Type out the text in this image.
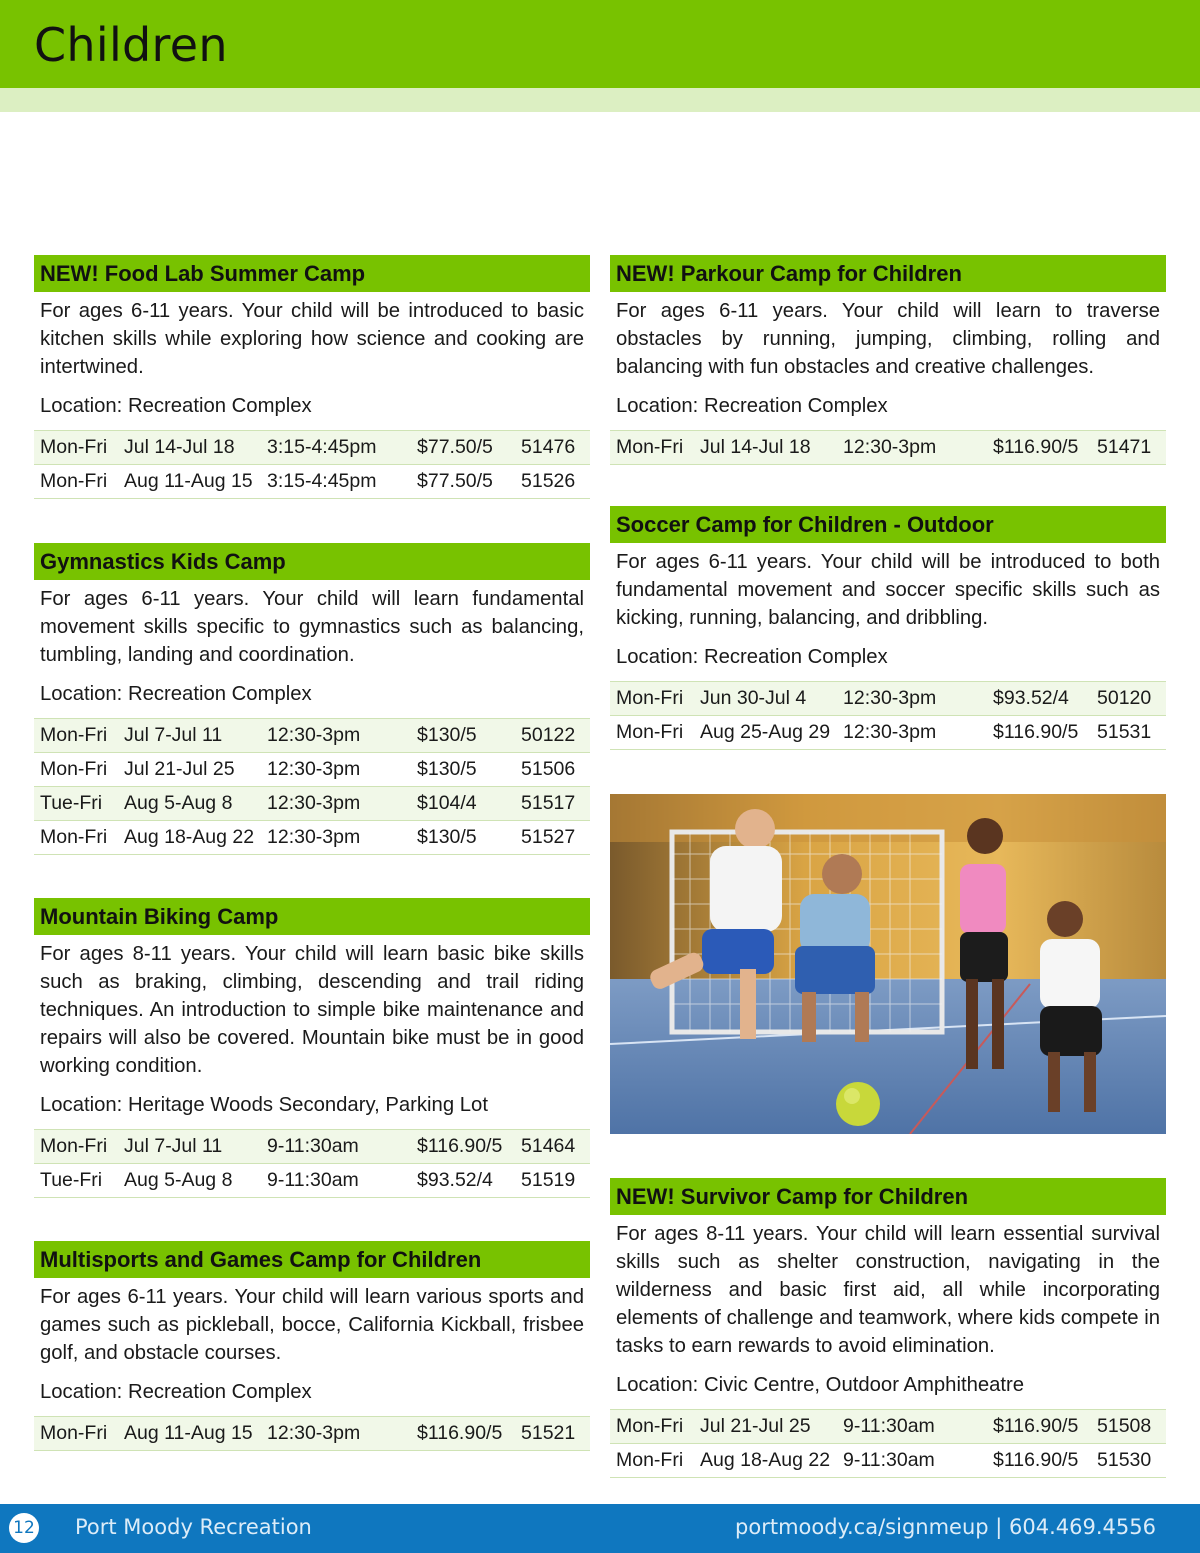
Children
NEW! Food Lab Summer Camp
For ages 6-11 years. Your child will be introduced to basic kitchen skills while exploring how science and cooking are intertwined.
Location: Recreation Complex
Mon-Fri Jul 14-Jul 18 3:15-4:45pm $77.50/5 51476
Mon-Fri Aug 11-Aug 15 3:15-4:45pm $77.50/5 51526
Gymnastics Kids Camp
For ages 6-11 years. Your child will learn fundamental movement skills specific to gymnastics such as balancing, tumbling, landing and coordination.
Location: Recreation Complex
Mon-Fri Jul 7-Jul 11 12:30-3pm	$130/5 50122
Mon-Fri Jul 21-Jul 25 12:30-3pm	$130/5 51506
Tue-Fri Aug 5-Aug 8 12:30-3pm	$104/4 51517
Mon-Fri Aug 18-Aug 22 12:30-3pm	$130/5 51527
Mountain Biking Camp
For ages 8-11 years. Your child will learn basic bike skills such as braking, climbing, descending and trail riding techniques. An introduction to simple bike maintenance and repairs will also be covered. Mountain bike must be in good working condition.
Location: Heritage Woods Secondary, Parking Lot
Mon-Fri Jul 7-Jul 11 9-11:30am	$116.90/5 51464
Tue-Fri Aug 5-Aug 8 9-11:30am	$93.52/4 51519
Multisports and Games Camp for Children
For ages 6-11 years. Your child will learn various sports and games such as pickleball, bocce, California Kickball, frisbee golf, and obstacle courses.
Location: Recreation Complex
Mon-Fri Aug 11-Aug 15 12:30-3pm	$116.90/5 51521
NEW! Parkour Camp for Children
For ages 6-11 years. Your child will learn to traverse obstacles by running, jumping, climbing, rolling and balancing with fun obstacles and creative challenges.
Location: Recreation Complex
Mon-Fri Jul 14-Jul 18 12:30-3pm	$116.90/5 51471
Soccer Camp for Children - Outdoor
For ages 6-11 years. Your child will be introduced to both fundamental movement and soccer specific skills such as kicking, running, balancing, and dribbling.
Location: Recreation Complex
Mon-Fri Jun 30-Jul 4 12:30-3pm	$93.52/4 50120
Mon-Fri Aug 25-Aug 29 12:30-3pm	$116.90/5 51531
NEW! Survivor Camp for Children
For ages 8-11 years. Your child will learn essential survival skills such as shelter construction, navigating in the wilderness and basic first aid, all while incorporating elements of challenge and teamwork, where kids compete in tasks to earn rewards to avoid elimination.
Location: Civic Centre, Outdoor Amphitheatre
Mon-Fri Jul 21-Jul 25 9-11:30am	$116.90/5 51508
Mon-Fri Aug 18-Aug 22 9-11:30am	$116.90/5 51530
12 Port Moody Recreation	portmoody.ca/signmeup | 604.469.4556
